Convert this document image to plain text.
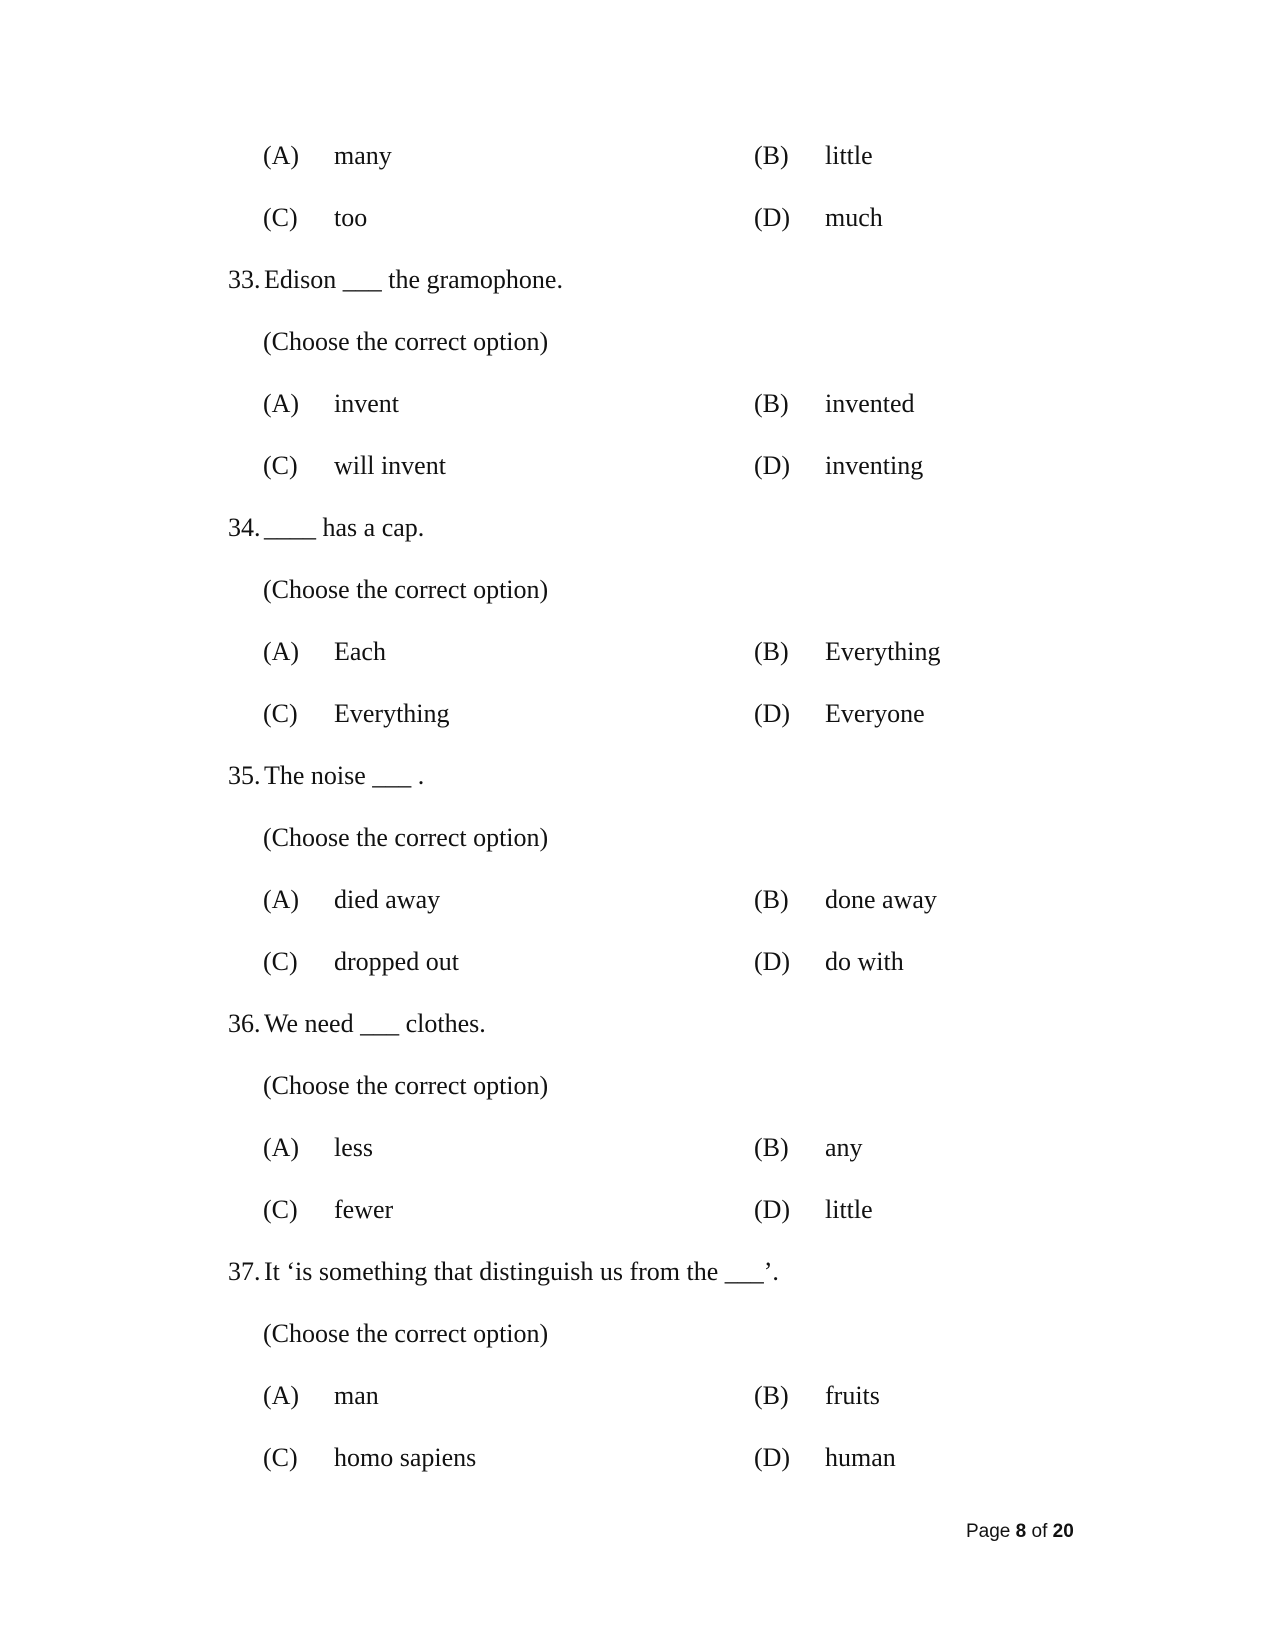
(A) many	(B) little
(C) too	(D) much
33. Edison ___ the gramophone.
(Choose the correct option)
(A) invent	(B) invented
(C) will invent	(D) inventing
34. ____ has a cap.
(Choose the correct option)
(A) Each	(B) Everything
(C) Everything	(D) Everyone
35. The noise ___ .
(Choose the correct option)
(A) died away	(B) done away
(C) dropped out	(D) do with
36. We need ___ clothes.
(Choose the correct option)
(A) less	(B) any
(C) fewer	(D) little
37. It ‘is something that distinguish us from the ___’.
(Choose the correct option)
(A) man	(B) fruits
(C) homo sapiens	(D) human
Page 8 of 20
